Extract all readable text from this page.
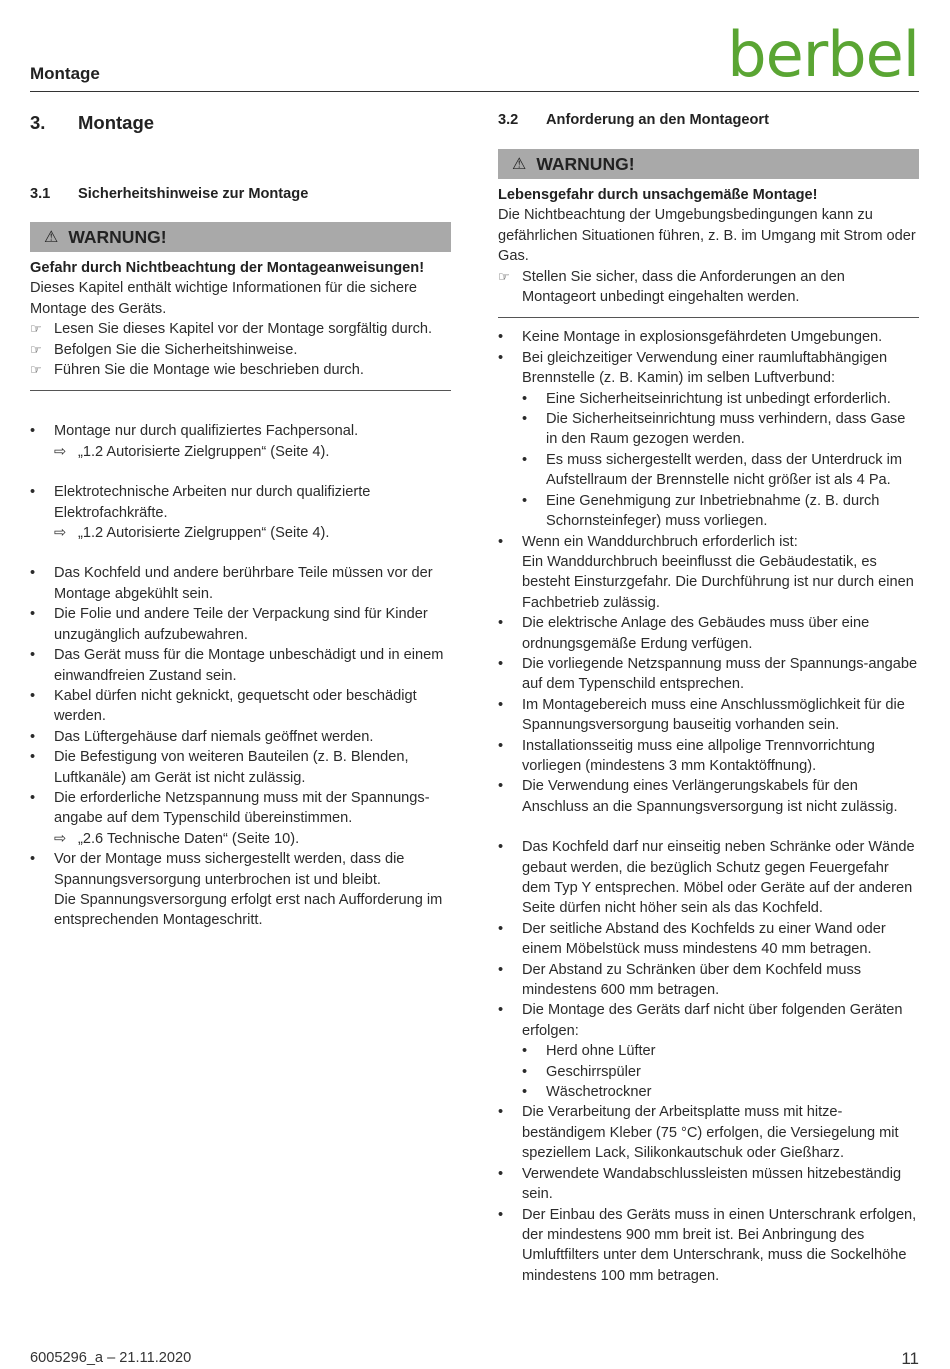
Montage	berbel
3.	Montage
3.1	Sicherheitshinweise zur Montage
⚠ WARNUNG!
Gefahr durch Nichtbeachtung der Montageanweisungen!
Dieses Kapitel enthält wichtige Informationen für die sichere Montage des Geräts.
☞ Lesen Sie dieses Kapitel vor der Montage sorgfältig durch.
☞ Befolgen Sie die Sicherheitshinweise.
☞ Führen Sie die Montage wie beschrieben durch.
• Montage nur durch qualifiziertes Fachpersonal.
⇨ „1.2 Autorisierte Zielgruppen“ (Seite 4).
• Elektrotechnische Arbeiten nur durch qualifizierte Elektrofachkräfte.
⇨ „1.2 Autorisierte Zielgruppen“ (Seite 4).
• Das Kochfeld und andere berührbare Teile müssen vor der Montage abgekühlt sein.
• Die Folie und andere Teile der Verpackung sind für Kinder unzugänglich aufzubewahren.
• Das Gerät muss für die Montage unbeschädigt und in einem einwandfreien Zustand sein.
• Kabel dürfen nicht geknickt, gequetscht oder beschädigt werden.
• Das Lüftergehäuse darf niemals geöffnet werden.
• Die Befestigung von weiteren Bauteilen (z. B. Blenden, Luftkanäle) am Gerät ist nicht zulässig.
• Die erforderliche Netzspannung muss mit der Spannungs-angabe auf dem Typenschild übereinstimmen.
⇨ „2.6 Technische Daten“ (Seite 10).
• Vor der Montage muss sichergestellt werden, dass die Spannungsversorgung unterbrochen ist und bleibt.
Die Spannungsversorgung erfolgt erst nach Aufforderung im entsprechenden Montageschritt.
3.2	Anforderung an den Montageort
⚠ WARNUNG!
Lebensgefahr durch unsachgemäße Montage!
Die Nichtbeachtung der Umgebungsbedingungen kann zu gefährlichen Situationen führen, z. B. im Umgang mit Strom oder Gas.
☞ Stellen Sie sicher, dass die Anforderungen an den Montageort unbedingt eingehalten werden.
• Keine Montage in explosionsgefährdeten Umgebungen.
• Bei gleichzeitiger Verwendung einer raumluftabhängigen Brennstelle (z. B. Kamin) im selben Luftverbund:
• Eine Sicherheitseinrichtung ist unbedingt erforderlich.
• Die Sicherheitseinrichtung muss verhindern, dass Gase in den Raum gezogen werden.
• Es muss sichergestellt werden, dass der Unterdruck im Aufstellraum der Brennstelle nicht größer ist als 4 Pa.
• Eine Genehmigung zur Inbetriebnahme (z. B. durch Schornsteinfeger) muss vorliegen.
• Wenn ein Wanddurchbruch erforderlich ist:
Ein Wanddurchbruch beeinflusst die Gebäudestatik, es besteht Einsturzgefahr. Die Durchführung ist nur durch einen Fachbetrieb zulässig.
• Die elektrische Anlage des Gebäudes muss über eine ordnungsgemäße Erdung verfügen.
• Die vorliegende Netzspannung muss der Spannungs-angabe auf dem Typenschild entsprechen.
• Im Montagebereich muss eine Anschlussmöglichkeit für die Spannungsversorgung bauseitig vorhanden sein.
• Installationsseitig muss eine allpolige Trennvorrichtung vorliegen (mindestens 3 mm Kontaktöffnung).
• Die Verwendung eines Verlängerungskabels für den Anschluss an die Spannungsversorgung ist nicht zulässig.
• Das Kochfeld darf nur einseitig neben Schränke oder Wände gebaut werden, die bezüglich Schutz gegen Feuergefahr dem Typ Y entsprechen. Möbel oder Geräte auf der anderen Seite dürfen nicht höher sein als das Kochfeld.
• Der seitliche Abstand des Kochfelds zu einer Wand oder einem Möbelstück muss mindestens 40 mm betragen.
• Der Abstand zu Schränken über dem Kochfeld muss mindestens 600 mm betragen.
• Die Montage des Geräts darf nicht über folgenden Geräten erfolgen:
• Herd ohne Lüfter
• Geschirrspüler
• Wäschetrockner
• Die Verarbeitung der Arbeitsplatte muss mit hitze-beständigem Kleber (75 °C) erfolgen, die Versiegelung mit speziellem Lack, Silikonkautschuk oder Gießharz.
• Verwendete Wandabschlussleisten müssen hitzebeständig sein.
• Der Einbau des Geräts muss in einen Unterschrank erfolgen, der mindestens 900 mm breit ist. Bei Anbringung des Umluftfilters unter dem Unterschrank, muss die Sockelhöhe mindestens 100 mm betragen.
6005296_a – 21.11.2020	11
